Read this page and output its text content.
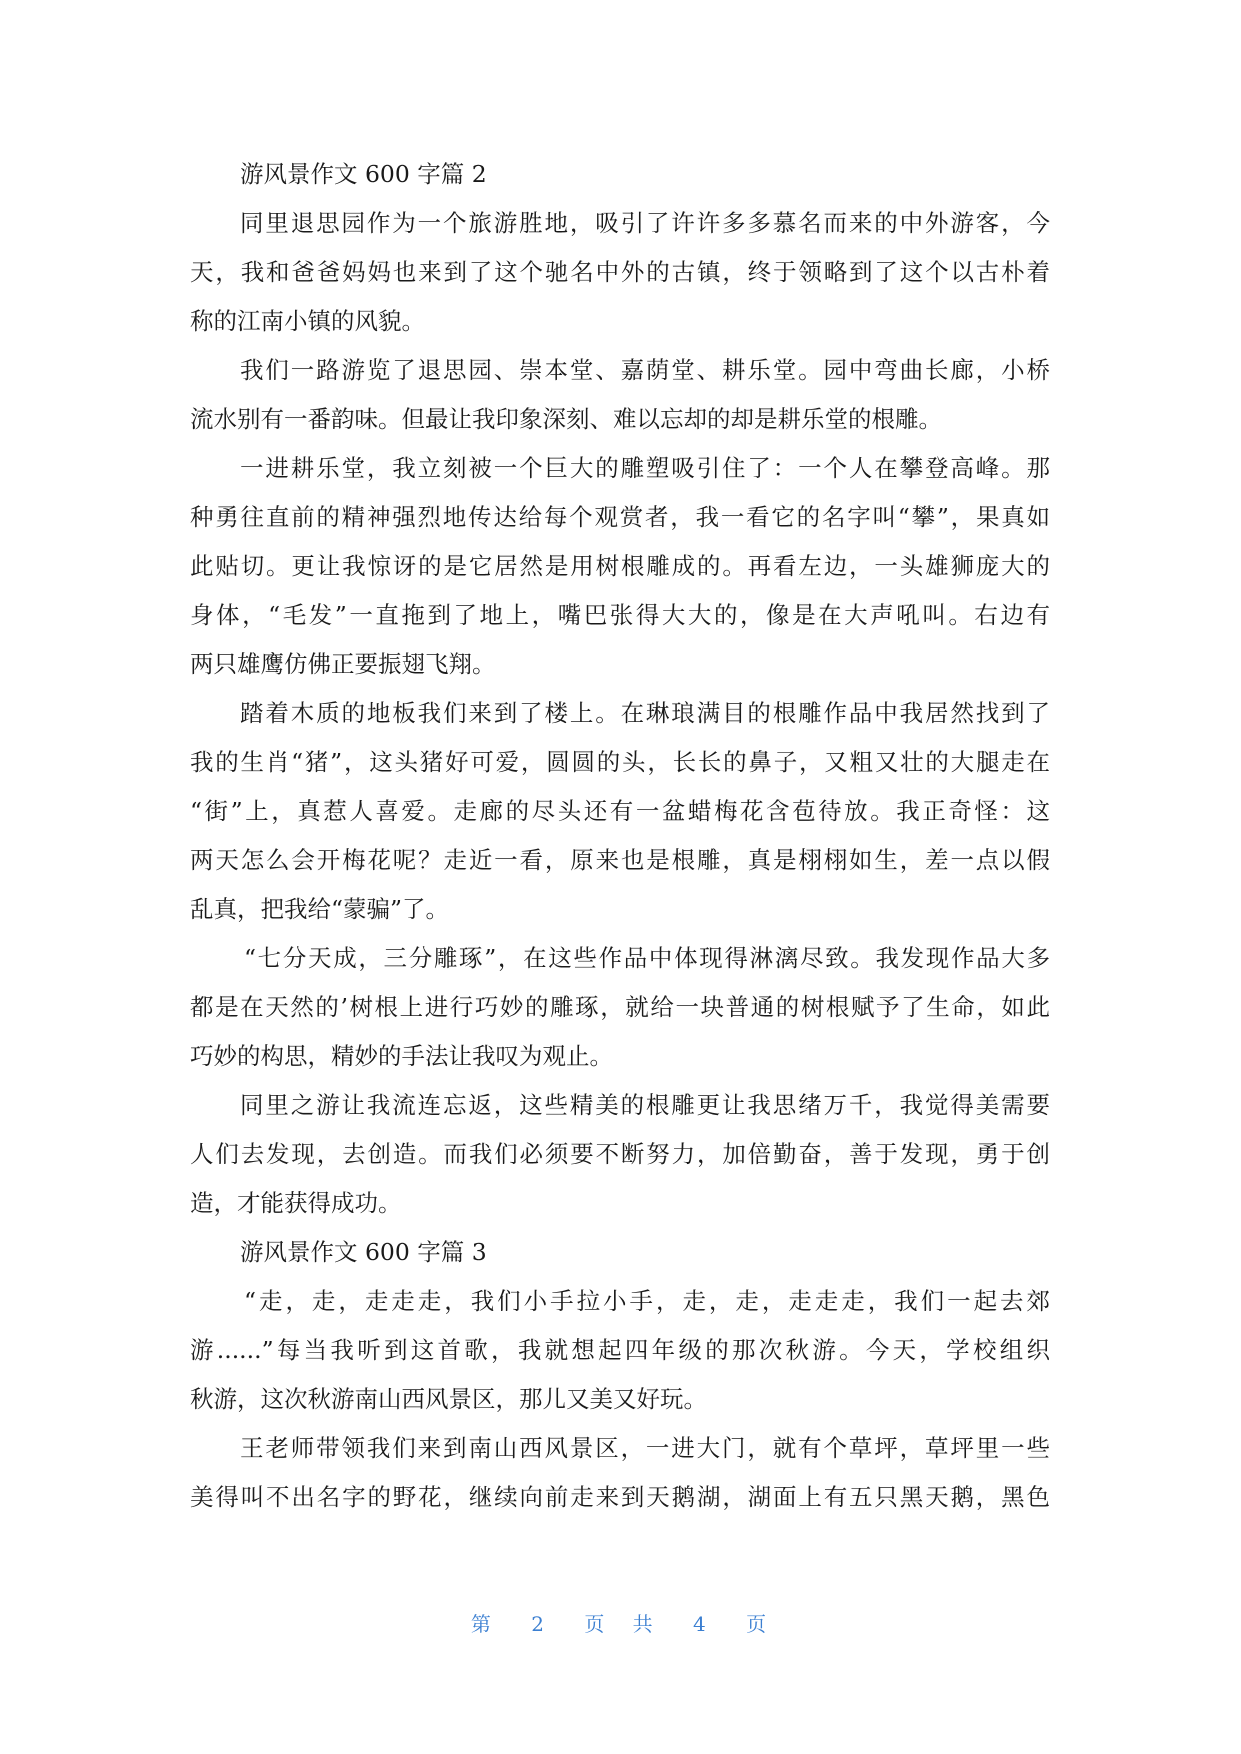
游风景作文 600 字篇 2
同里退思园作为一个旅游胜地，吸引了许许多多慕名而来的中外游客，今
天，我和爸爸妈妈也来到了这个驰名中外的古镇，终于领略到了这个以古朴着
称的江南小镇的风貌。
我们一路游览了退思园、崇本堂、嘉荫堂、耕乐堂。园中弯曲长廊，小桥
流水别有一番韵味。但最让我印象深刻、难以忘却的却是耕乐堂的根雕。
一进耕乐堂，我立刻被一个巨大的雕塑吸引住了：一个人在攀登高峰。那
种勇往直前的精神强烈地传达给每个观赏者，我一看它的名字叫“攀”，果真如
此贴切。更让我惊讶的是它居然是用树根雕成的。再看左边，一头雄狮庞大的
身体，“毛发”一直拖到了地上，嘴巴张得大大的，像是在大声吼叫。右边有
两只雄鹰仿佛正要振翅飞翔。
踏着木质的地板我们来到了楼上。在琳琅满目的根雕作品中我居然找到了
我的生肖“猪”，这头猪好可爱，圆圆的头，长长的鼻子，又粗又壮的大腿走在
“街”上，真惹人喜爱。走廊的尽头还有一盆蜡梅花含苞待放。我正奇怪：这
两天怎么会开梅花呢？走近一看，原来也是根雕，真是栩栩如生，差一点以假
乱真，把我给“蒙骗”了。
“七分天成，三分雕琢”，在这些作品中体现得淋漓尽致。我发现作品大多
都是在天然的’树根上进行巧妙的雕琢，就给一块普通的树根赋予了生命，如此
巧妙的构思，精妙的手法让我叹为观止。
同里之游让我流连忘返，这些精美的根雕更让我思绪万千，我觉得美需要
人们去发现，去创造。而我们必须要不断努力，加倍勤奋，善于发现，勇于创
造，才能获得成功。
游风景作文 600 字篇 3
“走，走，走走走，我们小手拉小手，走，走，走走走，我们一起去郊
游......”每当我听到这首歌，我就想起四年级的那次秋游。今天，学校组织
秋游，这次秋游南山西风景区，那儿又美又好玩。
王老师带领我们来到南山西风景区，一进大门，就有个草坪，草坪里一些
美得叫不出名字的野花，继续向前走来到天鹅湖，湖面上有五只黑天鹅，黑色
第 2 页 共 4 页
